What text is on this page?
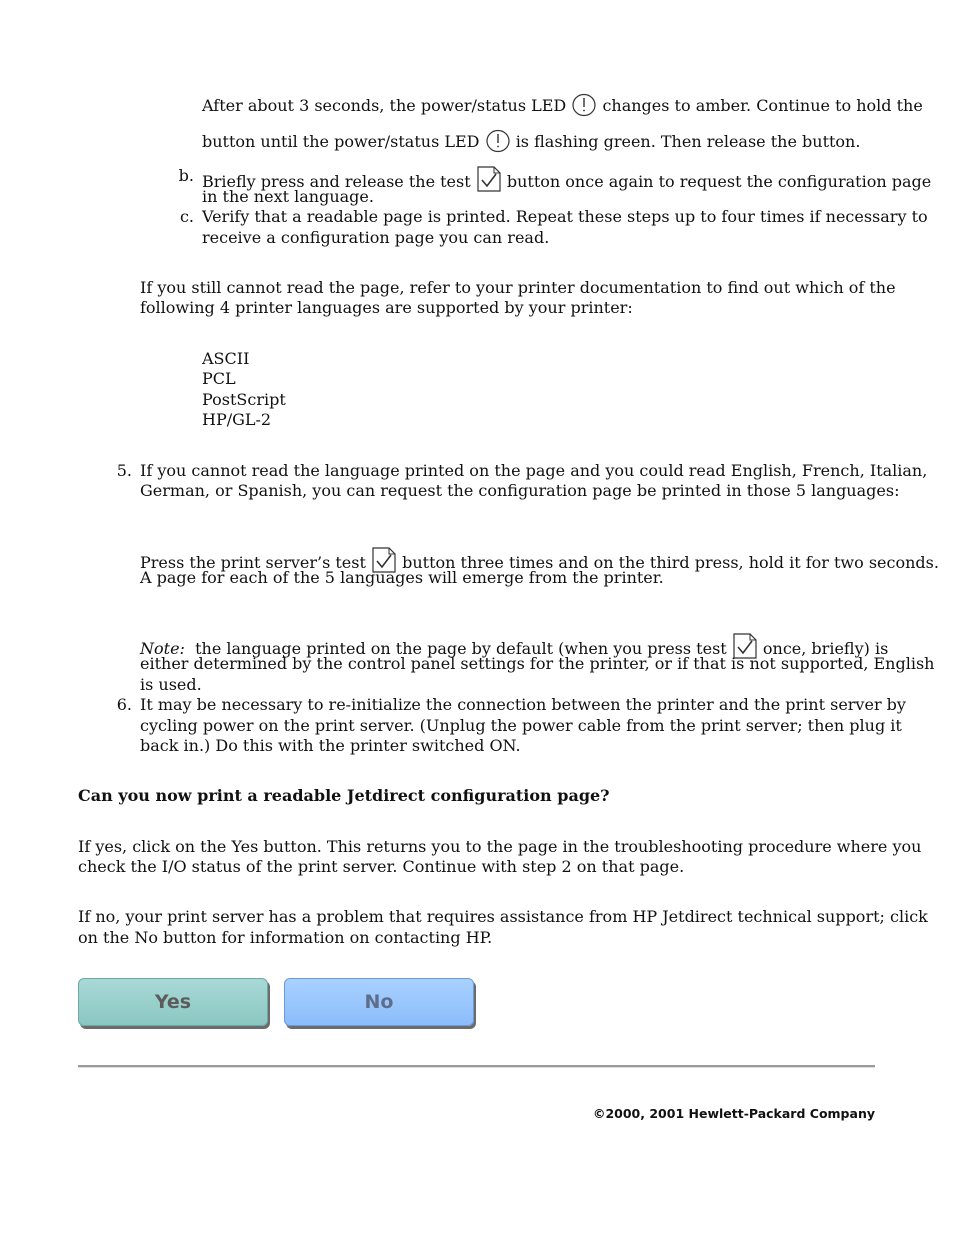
After about 3 seconds, the power/status LED changes to amber. Continue to hold the
button until the power/status LED is flashing green. Then release the button.
b. Briefly press and release the test button once again to request the configuration page
in the next language.
c. Verify that a readable page is printed. Repeat these steps up to four times if necessary to
receive a configuration page you can read.
If you still cannot read the page, refer to your printer documentation to find out which of the
following 4 printer languages are supported by your printer:
ASCII
PCL
PostScript
HP/GL-2
5. If you cannot read the language printed on the page and you could read English, French, Italian,
German, or Spanish, you can request the configuration page be printed in those 5 languages:
Press the print server’s test button three times and on the third press, hold it for two seconds.
A page for each of the 5 languages will emerge from the printer.
Note: the language printed on the page by default (when you press test once, briefly) is
either determined by the control panel settings for the printer, or if that is not supported, English
is used.
6. It may be necessary to re-initialize the connection between the printer and the print server by
cycling power on the print server. (Unplug the power cable from the print server; then plug it
back in.) Do this with the printer switched ON.
Can you now print a readable Jetdirect configuration page?
If yes, click on the Yes button. This returns you to the page in the troubleshooting procedure where you
check the I/O status of the print server. Continue with step 2 on that page.
If no, your print server has a problem that requires assistance from HP Jetdirect technical support; click
on the No button for information on contacting HP.
Yes	No
©2000, 2001 Hewlett-Packard Company
